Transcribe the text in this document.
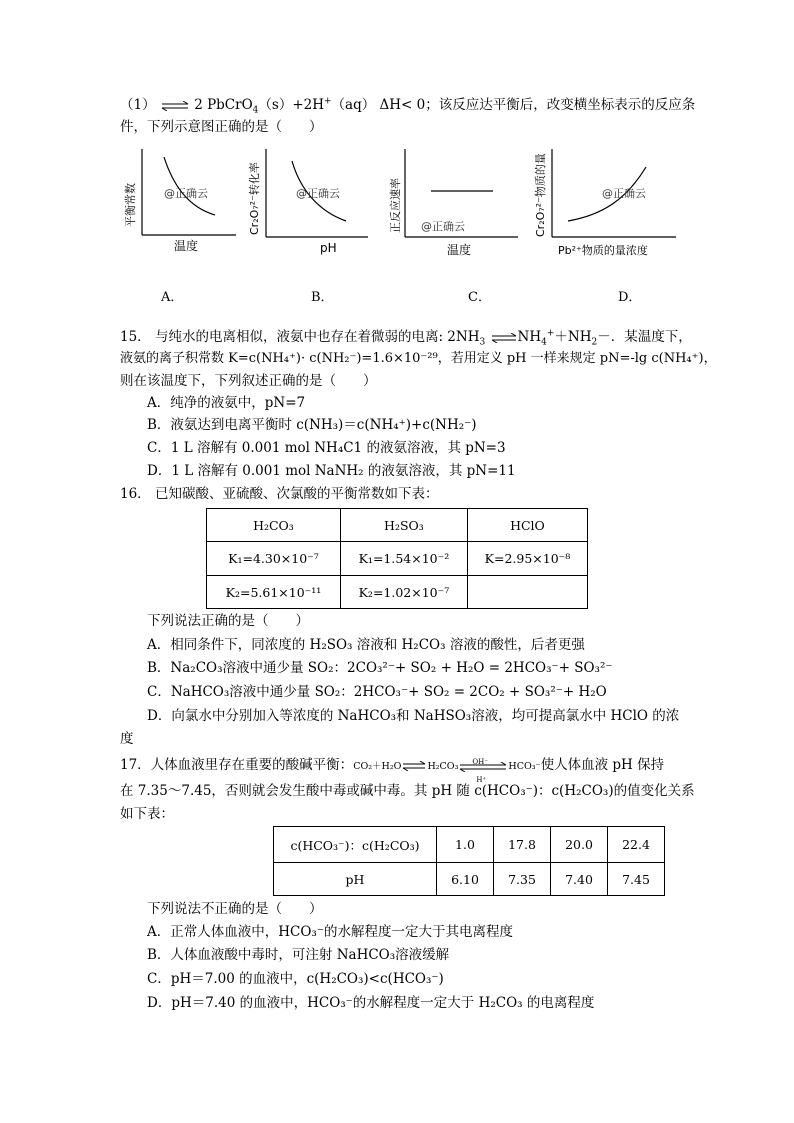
（1） ⇌ 2 PbCrO$_4$（s）+2H+（aq） ΔH< 0；该反应达平衡后，改变横坐标表示的反应条
件，下列示意图正确的是（　　）
平衡常数 @正确云
温度
A．
Cr₂O₇²⁻转化率	@正确云
pH
B．
正反应速率 @正确云
温度
C．
Cr₂O₇²⁻物质的量	@正确云
Pb²⁺物质的量浓度
D．
15． 与纯水的电离相似，液氨中也存在着微弱的电离: $2NH_3$ $\rightleftharpoons NH_4^++NH_2-$．某温度下，
液氨的离子积常数 K=c(NH₄⁺)· c(NH₂⁻)=1.6×10⁻²⁹，若用定义 pH 一样来规定 pN=-lg c(NH₄⁺)，
则在该温度下，下列叙述正确的是（　　）
A．纯净的液氨中，pN=7
B．液氨达到电离平衡时 c(NH₃)＝c(NH₄⁺)+c(NH₂⁻)
C．1 L 溶解有 0.001 mol NH₄C1 的液氨溶液，其 pN=3
D．1 L 溶解有 0.001 mol NaNH₂ 的液氨溶液，其 pN=11
16． 已知碳酸、亚硫酸、次氯酸的平衡常数如下表：
H₂CO₃	H₂SO₃	HClO
K₁=4.30×10⁻⁷	K₁=1.54×10⁻²	K=2.95×10⁻⁸
K₂=5.61×10⁻¹¹	K₂=1.02×10⁻⁷	
下列说法正确的是（　　）
A．相同条件下，同浓度的 H₂SO₃ 溶液和 H₂CO₃ 溶液的酸性，后者更强
B．Na₂CO₃溶液中通少量 SO₂：2CO₃²⁻+ SO₂ + H₂O = 2HCO₃⁻+ SO₃²⁻
C．NaHCO₃溶液中通少量 SO₂：2HCO₃⁻+ SO₂ = 2CO₂ + SO₃²⁻+ H₂O
D．向氯水中分别加入等浓度的 NaHCO₃和 NaHSO₃溶液，均可提高氯水中 HClO 的浓
度
17．人体血液里存在重要的酸碱平衡：CO₂＋H₂O⇌H₂CO₃ OH⁻
H⁺
HCO₃⁻使人体血液 pH 保持
在 7.35～7.45，否则就会发生酸中毒或碱中毒。其 pH 随 c(HCO₃⁻)：c(H₂CO₃)的值变化关系
如下表：
c(HCO₃⁻)：c(H₂CO₃)	1.0	17.8	20.0	22.4
pH	6.10	7.35	7.40	7.45
下列说法不正确的是（　　）
A．正常人体血液中，HCO₃⁻的水解程度一定大于其电离程度
B．人体血液酸中毒时，可注射 NaHCO₃溶液缓解
C．pH＝7.00 的血液中，c(H₂CO₃)<c(HCO₃⁻)
D．pH＝7.40 的血液中，HCO₃⁻的水解程度一定大于 H₂CO₃ 的电离程度
